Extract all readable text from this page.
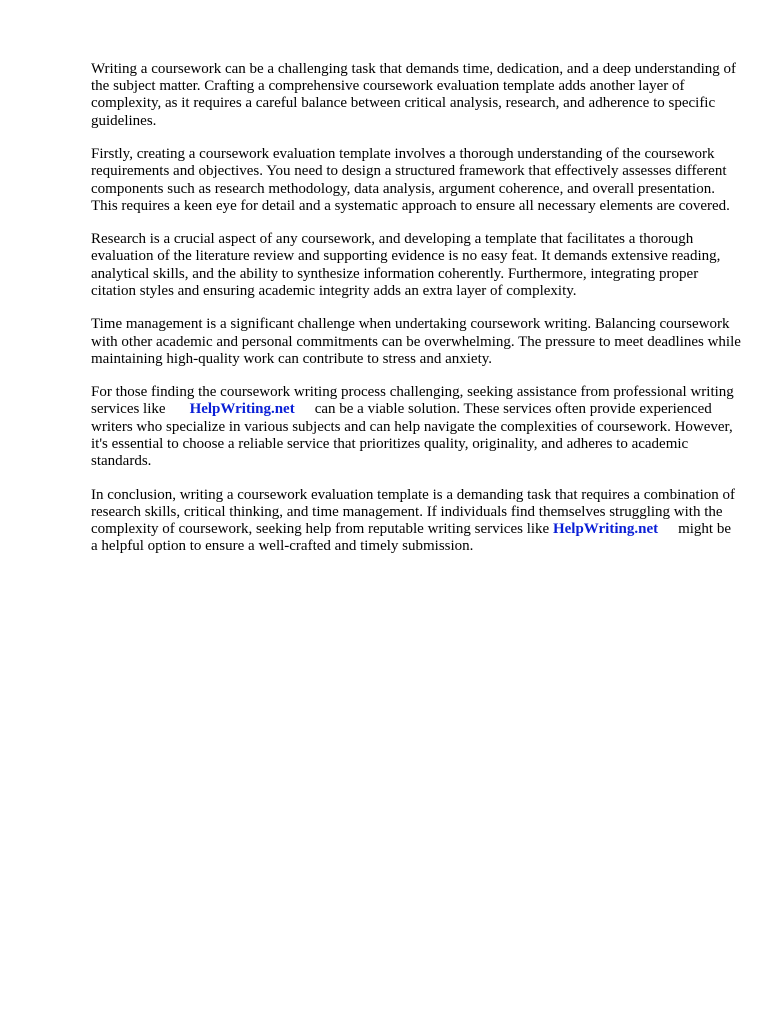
Writing a coursework can be a challenging task that demands time, dedication, and a deep understanding of the subject matter. Crafting a comprehensive coursework evaluation template adds another layer of complexity, as it requires a careful balance between critical analysis, research, and adherence to specific guidelines.

Firstly, creating a coursework evaluation template involves a thorough understanding of the coursework requirements and objectives. You need to design a structured framework that effectively assesses different components such as research methodology, data analysis, argument coherence, and overall presentation. This requires a keen eye for detail and a systematic approach to ensure all necessary elements are covered.

Research is a crucial aspect of any coursework, and developing a template that facilitates a thorough evaluation of the literature review and supporting evidence is no easy feat. It demands extensive reading, analytical skills, and the ability to synthesize information coherently. Furthermore, integrating proper citation styles and ensuring academic integrity adds an extra layer of complexity.

Time management is a significant challenge when undertaking coursework writing. Balancing coursework with other academic and personal commitments can be overwhelming. The pressure to meet deadlines while maintaining high-quality work can contribute to stress and anxiety.

For those finding the coursework writing process challenging, seeking assistance from professional writing services like HelpWriting.net can be a viable solution. These services often provide experienced writers who specialize in various subjects and can help navigate the complexities of coursework. However, it's essential to choose a reliable service that prioritizes quality, originality, and adheres to academic standards.

In conclusion, writing a coursework evaluation template is a demanding task that requires a combination of research skills, critical thinking, and time management. If individuals find themselves struggling with the complexity of coursework, seeking help from reputable writing services like HelpWriting.net might be a helpful option to ensure a well-crafted and timely submission.
